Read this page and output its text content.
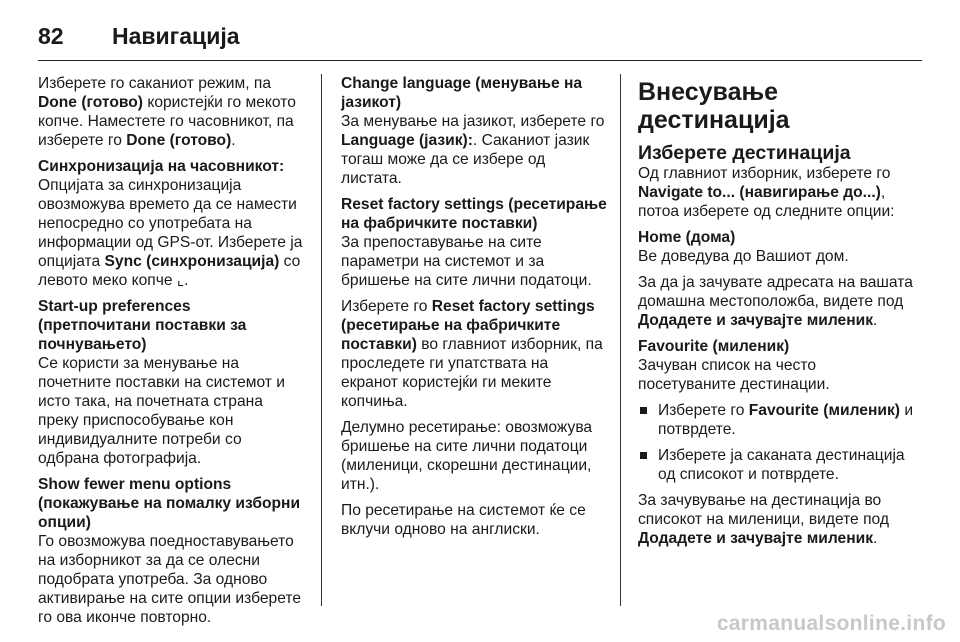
82	Навигација

Изберете го саканиот режим, па Done (готово) користејќи го мекото копче. Наместете го часовникот, па изберете го Done (готово).

Синхронизација на часовникот:

Опцијата за синхронизација овозможува времето да се намести непосредно со употребата на информации од GPS-от. Изберете ја опцијата Sync (синхронизација) со левото меко копче ⌞.

Start-up preferences (претпочитани поставки за почнувањето)

Се користи за менување на почетните поставки на системот и исто така, на почетната страна преку приспособување кон индивидуалните потреби со одбрана фотографија.

Show fewer menu options (покажување на помалку изборни опции)

Го овозможува поедноставувањето на изборникот за да се олесни подобрата употреба. За одново активирање на сите опции изберете го ова иконче повторно.

Change language (менување на јазикот)

За менување на јазикот, изберете го Language (јазик):. Саканиот јазик тогаш може да се избере од листата.

Reset factory settings (ресетирање на фабричките поставки)

За препоставување на сите параметри на системот и за бришење на сите лични податоци.

Изберете го Reset factory settings (ресетирање на фабричките поставки) во главниот изборник, па проследете ги упатствата на екранот користејќи ги меките копчиња.

Делумно ресетирање: овозможува бришење на сите лични податоци (миленици, скорешни дестинации, итн.).

По ресетирање на системот ќе се вклучи одново на англиски.

Внесување дестинација

Изберете дестинација

Од главниот изборник, изберете го Navigate to... (навигирање до...), потоа изберете од следните опции:

Home (дома)

Ве доведува до Вашиот дом.

За да ја зачувате адресата на вашата домашна местоположба, видете под Додадете и зачувајте миленик.

Favourite (миленик)

Зачуван список на често посетуваните дестинации.

Изберете го Favourite (миленик) и потврдете.
Изберете ја саканата дестинација од списокот и потврдете.

За зачувување на дестинација во списокот на миленици, видете под Додадете и зачувајте миленик.

carmanualsonline.info
